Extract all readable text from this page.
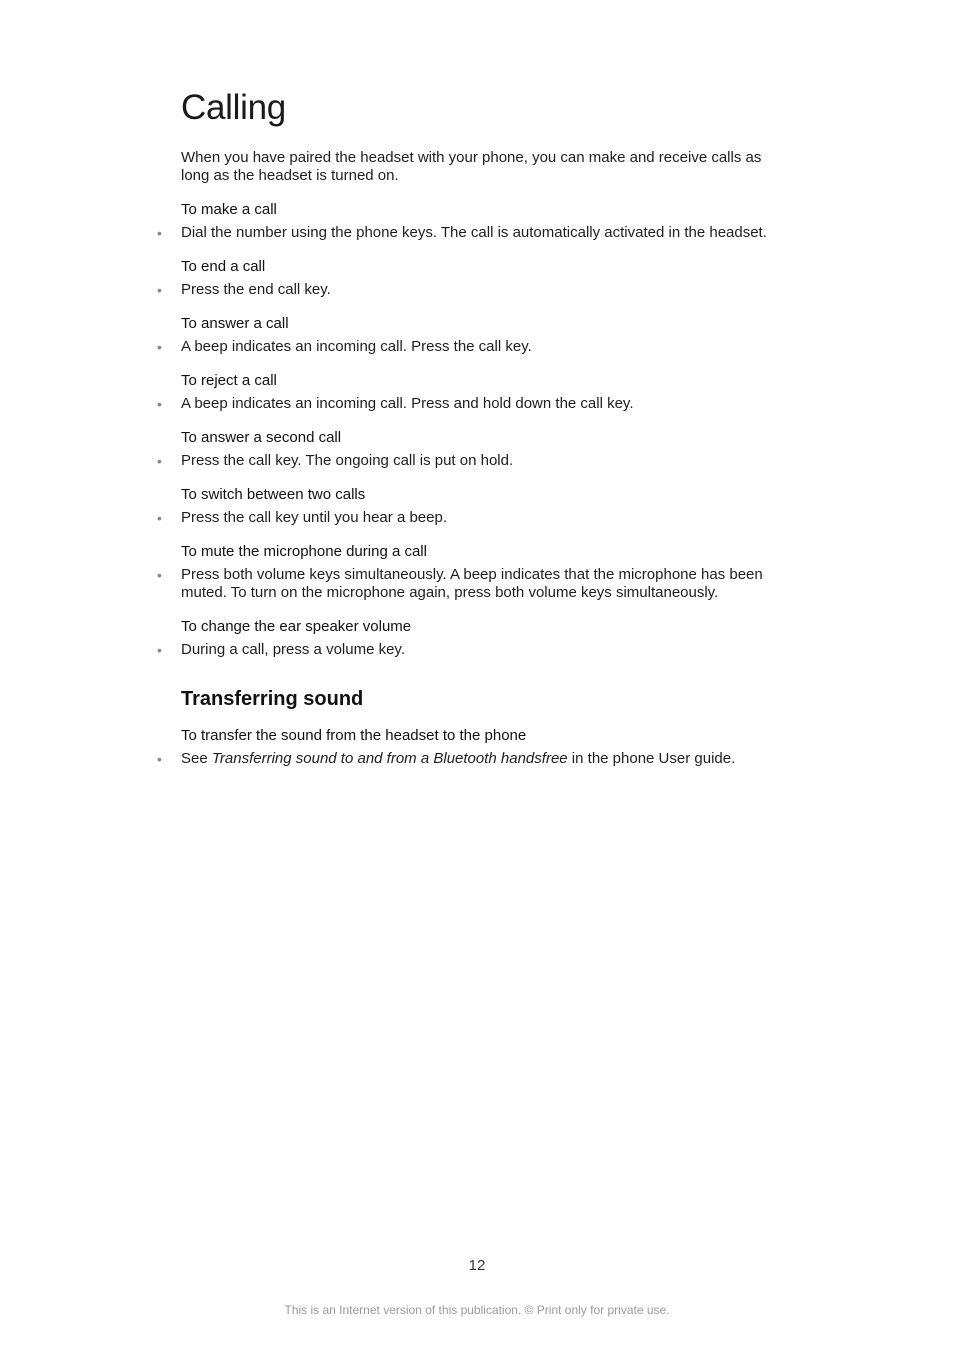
Calling

When you have paired the headset with your phone, you can make and receive calls as long as the headset is turned on.

To make a call

• Dial the number using the phone keys. The call is automatically activated in the headset.

To end a call

• Press the end call key.

To answer a call

• A beep indicates an incoming call. Press the call key.

To reject a call

• A beep indicates an incoming call. Press and hold down the call key.

To answer a second call

• Press the call key. The ongoing call is put on hold.

To switch between two calls

• Press the call key until you hear a beep.

To mute the microphone during a call

• Press both volume keys simultaneously. A beep indicates that the microphone has been muted. To turn on the microphone again, press both volume keys simultaneously.

To change the ear speaker volume

• During a call, press a volume key.

Transferring sound
To transfer the sound from the headset to the phone

• See Transferring sound to and from a Bluetooth handsfree in the phone User guide.

12
This is an Internet version of this publication. © Print only for private use.
